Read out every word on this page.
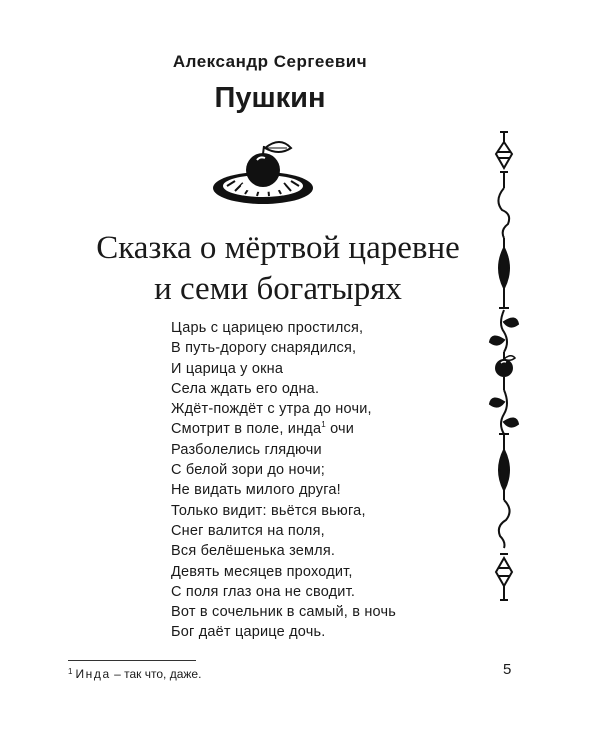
Александр Сергеевич
Пушкин
Сказка о мёртвой царевне
и семи богатырях
Царь с царицею простился,
В путь-дорогу снарядился,
И царица у окна
Села ждать его одна.
Ждёт-пождёт с утра до ночи,
Смотрит в поле, инда$^1$ очи
Разболелись глядючи
С белой зори до ночи;
Не видать милого друга!
Только видит: вьётся вьюга,
Снег валится на поля,
Вся белёшенька земля.
Девять месяцев проходит,
С поля глаз она не сводит.
Вот в сочельник в самый, в ночь
Бог даёт царице дочь.
$^1$ Инда – так что, даже.	5
